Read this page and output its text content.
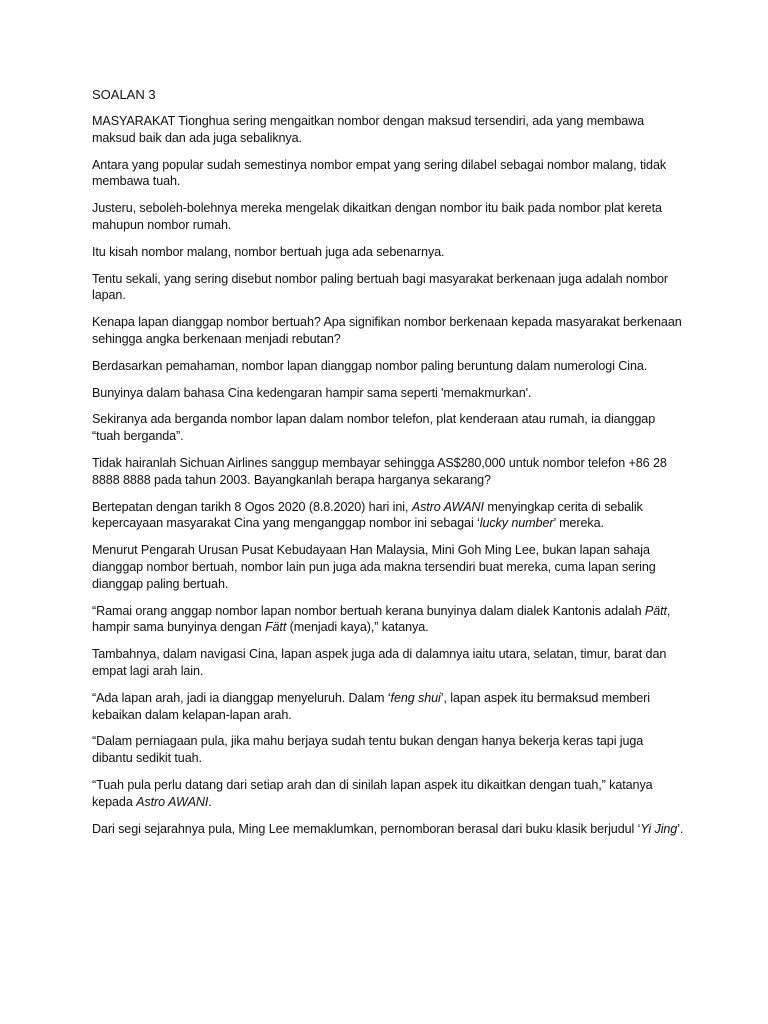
SOALAN 3

MASYARAKAT Tionghua sering mengaitkan nombor dengan maksud tersendiri, ada yang membawa maksud baik dan ada juga sebaliknya.

Antara yang popular sudah semestinya nombor empat yang sering dilabel sebagai nombor malang, tidak membawa tuah.

Justeru, seboleh-bolehnya mereka mengelak dikaitkan dengan nombor itu baik pada nombor plat kereta mahupun nombor rumah.

Itu kisah nombor malang, nombor bertuah juga ada sebenarnya.

Tentu sekali, yang sering disebut nombor paling bertuah bagi masyarakat berkenaan juga adalah nombor lapan.

Kenapa lapan dianggap nombor bertuah? Apa signifikan nombor berkenaan kepada masyarakat berkenaan sehingga angka berkenaan menjadi rebutan?

Berdasarkan pemahaman, nombor lapan dianggap nombor paling beruntung dalam numerologi Cina.

Bunyinya dalam bahasa Cina kedengaran hampir sama seperti 'memakmurkan'.

Sekiranya ada berganda nombor lapan dalam nombor telefon, plat kenderaan atau rumah, ia dianggap “tuah berganda”.

Tidak hairanlah Sichuan Airlines sanggup membayar sehingga AS$280,000 untuk nombor telefon +86 28 8888 8888 pada tahun 2003. Bayangkanlah berapa harganya sekarang?

Bertepatan dengan tarikh 8 Ogos 2020 (8.8.2020) hari ini, Astro AWANI menyingkap cerita di sebalik kepercayaan masyarakat Cina yang menganggap nombor ini sebagai ‘lucky number’ mereka.

Menurut Pengarah Urusan Pusat Kebudayaan Han Malaysia, Mini Goh Ming Lee, bukan lapan sahaja dianggap nombor bertuah, nombor lain pun juga ada makna tersendiri buat mereka, cuma lapan sering dianggap paling bertuah.

“Ramai orang anggap nombor lapan nombor bertuah kerana bunyinya dalam dialek Kantonis adalah Pätt, hampir sama bunyinya dengan Fätt (menjadi kaya),” katanya.

Tambahnya, dalam navigasi Cina, lapan aspek juga ada di dalamnya iaitu utara, selatan, timur, barat dan empat lagi arah lain.

“Ada lapan arah, jadi ia dianggap menyeluruh. Dalam ‘feng shui’, lapan aspek itu bermaksud memberi kebaikan dalam kelapan-lapan arah.

“Dalam perniagaan pula, jika mahu berjaya sudah tentu bukan dengan hanya bekerja keras tapi juga dibantu sedikit tuah.

“Tuah pula perlu datang dari setiap arah dan di sinilah lapan aspek itu dikaitkan dengan tuah,” katanya kepada Astro AWANI.

Dari segi sejarahnya pula, Ming Lee memaklumkan, pernomboran berasal dari buku klasik berjudul ‘Yi Jing’.
